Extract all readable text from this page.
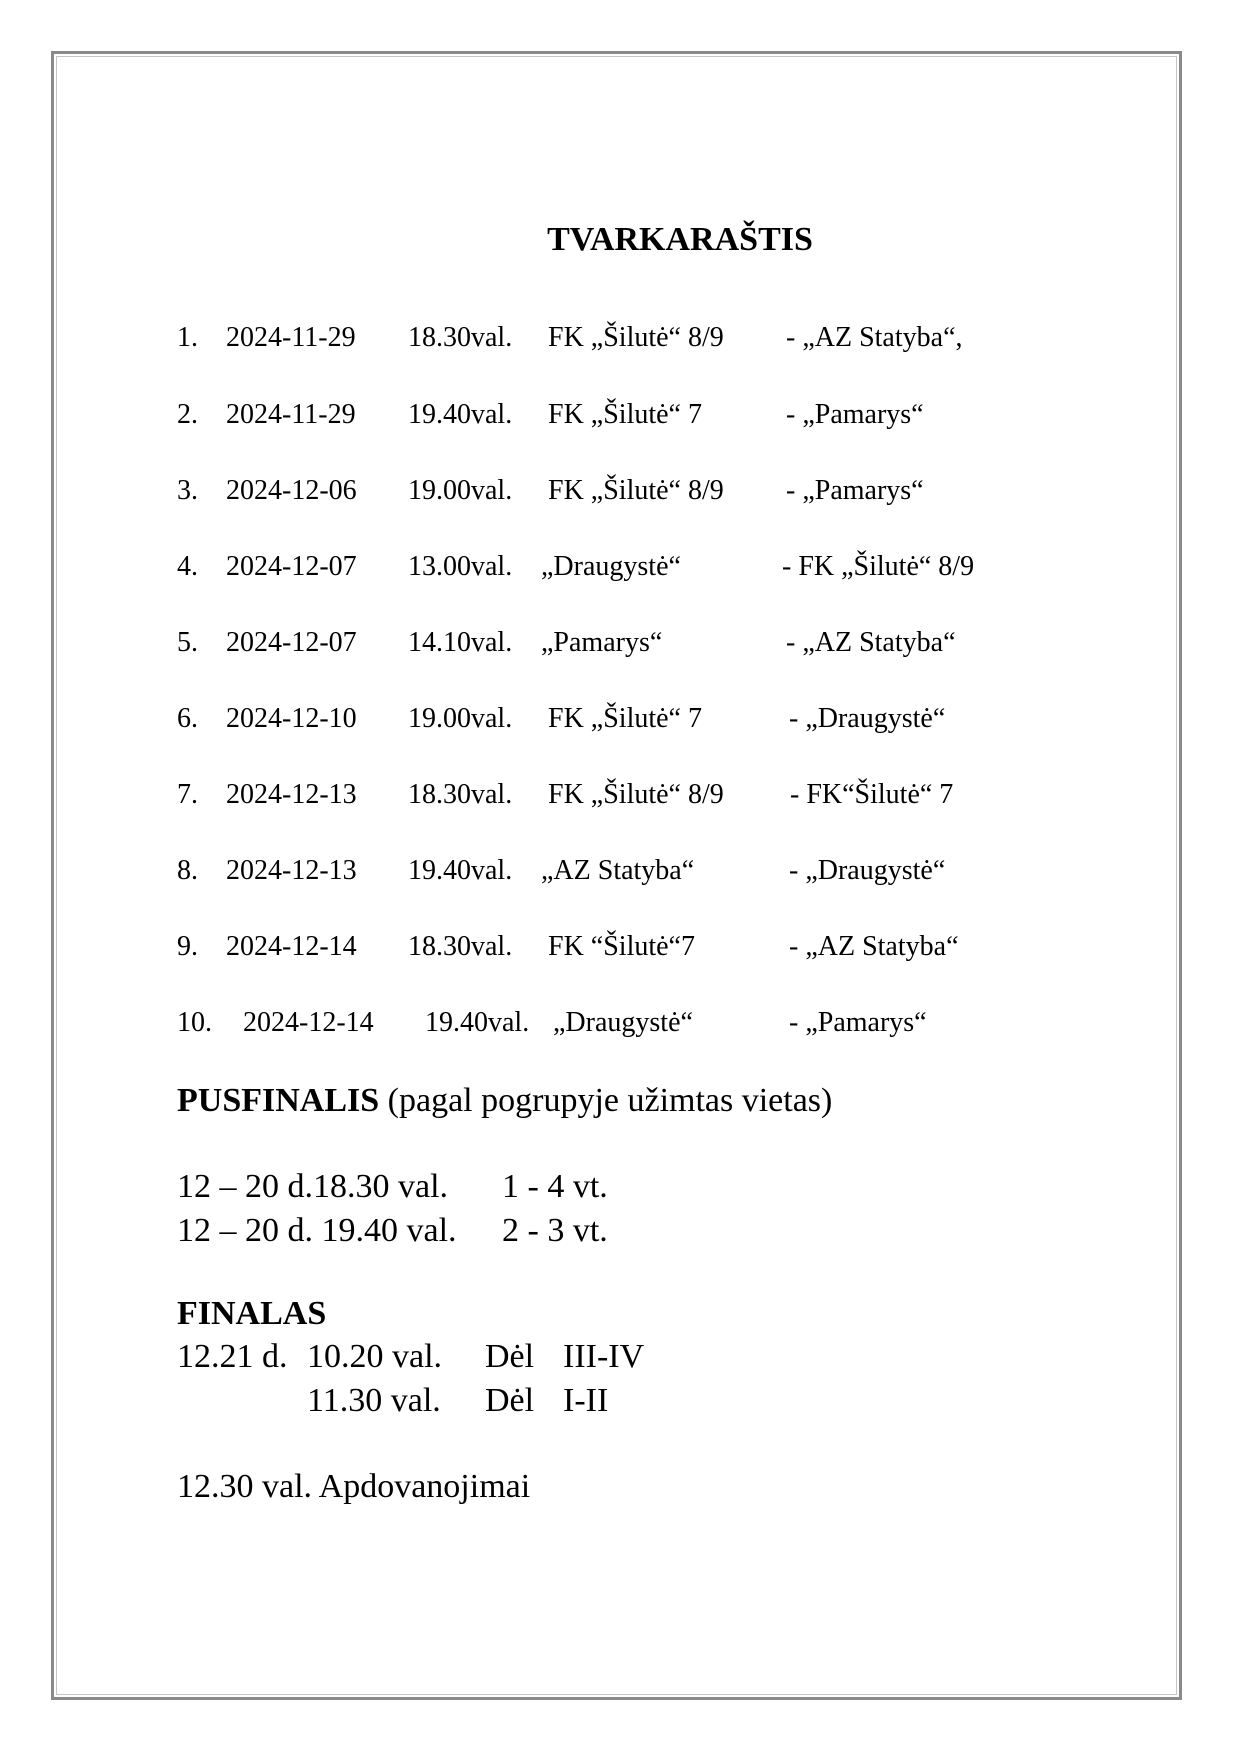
TVARKARAŠTIS
1. 2024-11-29 18.30val. FK „Šilutė“ 8/9 - „AZ Statyba“,
2. 2024-11-29 19.40val. FK „Šilutė“ 7	- „Pamarys“
3. 2024-12-06 19.00val. FK „Šilutė“ 8/9 - „Pamarys“
4. 2024-12-07 13.00val. „Draugystė“	- FK „Šilutė“ 8/9
5. 2024-12-07 14.10val. „Pamarys“	- „AZ Statyba“
6. 2024-12-10 19.00val. FK „Šilutė“ 7	- „Draugystė“
7. 2024-12-13 18.30val. FK „Šilutė“ 8/9 - FK“Šilutė“ 7
8. 2024-12-13 19.40val. „AZ Statyba“	- „Draugystė“
9. 2024-12-14 18.30val. FK “Šilutė“7	- „AZ Statyba“
10. 2024-12-14 19.40val. „Draugystė“	- „Pamarys“
PUSFINALIS (pagal pogrupyje užimtas vietas)
12 – 20 d.18.30 val. 1 - 4 vt.
12 – 20 d. 19.40 val. 2 - 3 vt.
FINALAS
12.21 d. 10.20 val. Dėl III-IV
11.30 val. Dėl I-II
12.30 val. Apdovanojimai
